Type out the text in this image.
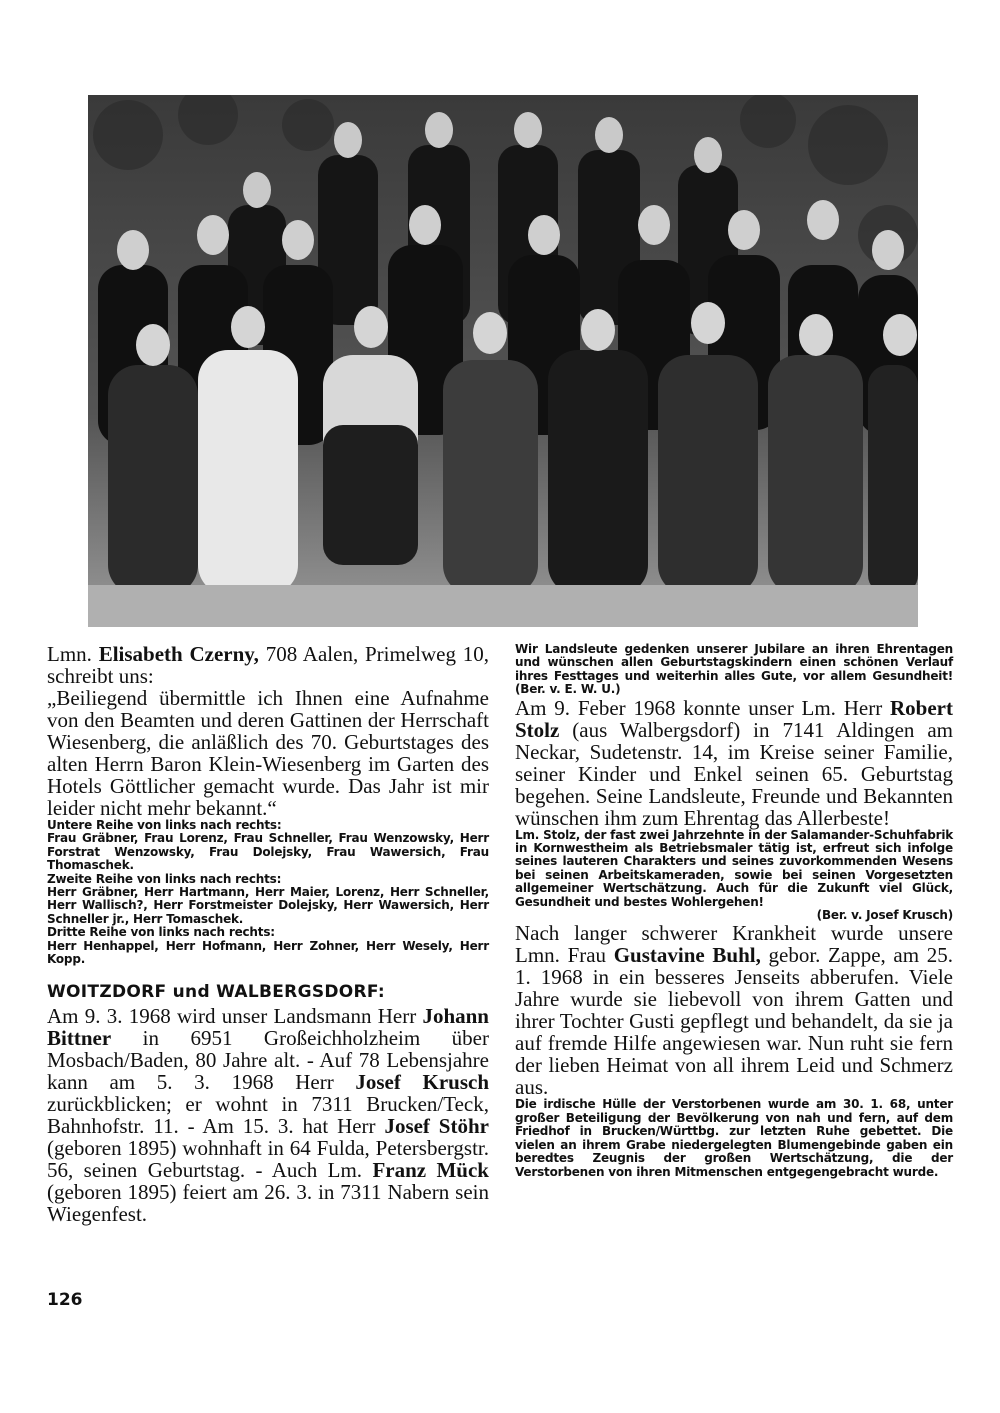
Lmn. Elisabeth Czerny, 708 Aalen, Primelweg 10, schreibt uns:

„Beiliegend übermittle ich Ihnen eine Aufnahme von den Beamten und deren Gattinen der Herrschaft Wiesenberg, die anläßlich des 70. Geburtstages des alten Herrn Baron Klein-Wiesenberg im Garten des Hotels Göttlicher gemacht wurde. Das Jahr ist mir leider nicht mehr bekannt.“

Untere Reihe von links nach rechts:

Frau Gräbner, Frau Lorenz, Frau Schneller, Frau Wenzowsky, Herr Forstrat Wenzowsky, Frau Dolejsky, Frau Wawersich, Frau Thomaschek.

Zweite Reihe von links nach rechts:

Herr Gräbner, Herr Hartmann, Herr Maier, Lorenz, Herr Schneller, Herr Wallisch?, Herr Forstmeister Dolejsky, Herr Wawersich, Herr Schneller jr., Herr Tomaschek.

Dritte Reihe von links nach rechts:

Herr Henhappel, Herr Hofmann, Herr Zohner, Herr Wesely, Herr Kopp.

WOITZDORF und WALBERGSDORF:

Am 9. 3. 1968 wird unser Landsmann Herr Johann Bittner in 6951 Großeichholzheim über Mosbach/Baden, 80 Jahre alt. - Auf 78 Lebensjahre kann am 5. 3. 1968 Herr Josef Krusch zurückblicken; er wohnt in 7311 Brucken/Teck, Bahnhofstr. 11. - Am 15. 3. hat Herr Josef Stöhr (geboren 1895) wohnhaft in 64 Fulda, Petersbergstr. 56, seinen Geburtstag. - Auch Lm. Franz Mück (geboren 1895) feiert am 26. 3. in 7311 Nabern sein Wiegenfest.

Wir Landsleute gedenken unserer Jubilare an ihren Ehrentagen und wünschen allen Geburtstagskindern einen schönen Verlauf ihres Festtages und weiterhin alles Gute, vor allem Gesundheit! (Ber. v. E. W. U.)

Am 9. Feber 1968 konnte unser Lm. Herr Robert Stolz (aus Walbergsdorf) in 7141 Aldingen am Neckar, Sudetenstr. 14, im Kreise seiner Familie, seiner Kinder und Enkel seinen 65. Geburtstag begehen. Seine Landsleute, Freunde und Bekannten wünschen ihm zum Ehrentag das Allerbeste!

Lm. Stolz, der fast zwei Jahrzehnte in der Salamander-Schuhfabrik in Kornwestheim als Betriebsmaler tätig ist, erfreut sich infolge seines lauteren Charakters und seines zuvorkommenden Wesens bei seinen Arbeitskameraden, sowie bei seinen Vorgesetzten allgemeiner Wertschätzung. Auch für die Zukunft viel Glück, Gesundheit und bestes Wohlergehen!

(Ber. v. Josef Krusch)

Nach langer schwerer Krankheit wurde unsere Lmn. Frau Gustavine Buhl, gebor. Zappe, am 25. 1. 1968 in ein besseres Jenseits abberufen. Viele Jahre wurde sie liebevoll von ihrem Gatten und ihrer Tochter Gusti gepflegt und behandelt, da sie ja auf fremde Hilfe angewiesen war. Nun ruht sie fern der lieben Heimat von all ihrem Leid und Schmerz aus.

Die irdische Hülle der Verstorbenen wurde am 30. 1. 68, unter großer Beteiligung der Bevölkerung von nah und fern, auf dem Friedhof in Brucken/Württbg. zur letzten Ruhe gebettet. Die vielen an ihrem Grabe niedergelegten Blumengebinde gaben ein beredtes Zeugnis der großen Wertschätzung, die der Verstorbenen von ihren Mitmenschen entgegengebracht wurde.

126
